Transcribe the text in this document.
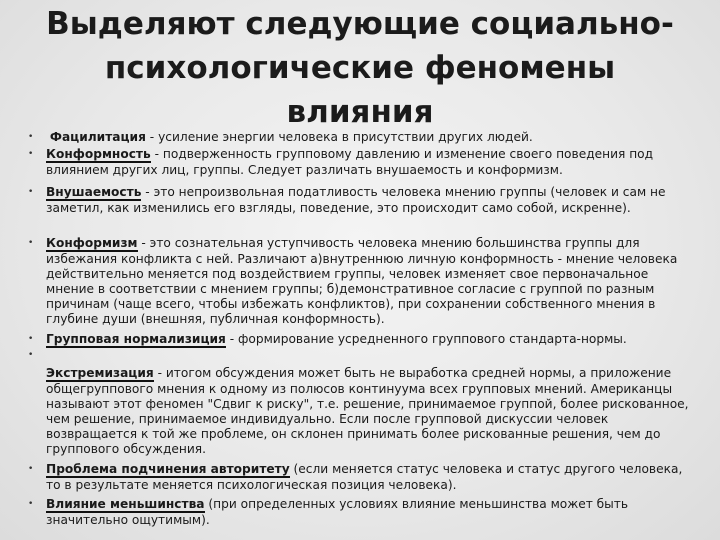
Выделяют следующие социально-
психологические феномены
влияния
•	Фацилитация - усиление энергии человека в присутствии других людей.
• Конформность - подверженность групповому давлению и изменение своего поведения под влиянием других лиц, группы. Следует различать внушаемость и конформизм.
• Внушаемость - это непроизвольная податливость человека мнению группы (человек и сам не заметил, как изменились его взгляды, поведение, это происходит само собой, искренне).
• Конформизм - это сознательная уступчивость человека мнению большинства группы для избежания конфликта с ней. Различают а)внутреннюю личную конформность - мнение человека действительно меняется под воздействием группы, человек изменяет свое первоначальное мнение в соответствии с мнением группы; б)демонстративное согласие с группой по разным причинам (чаще всего, чтобы избежать конфликтов), при сохранении собственного мнения в глубине души (внешняя, публичная конформность).
• Групповая нормализиция - формирование усредненного группового стандарта-нормы.
•
Экстремизация - итогом обсуждения может быть не выработка средней нормы, а приложение общегруппового мнения к одному из полюсов континуума всех групповых мнений. Американцы называют этот феномен "Сдвиг к риску", т.е. решение, принимаемое группой, более рискованное, чем решение, принимаемое индивидуально. Если после групповой дискуссии человек возвращается к той же проблеме, он склонен принимать более рискованные решения, чем до группового обсуждения.
• Проблема подчинения авторитету (если меняется статус человека и статус другого человека, то в результате меняется психологическая позиция человека).
• Влияние меньшинства (при определенных условиях влияние меньшинства может быть значительно ощутимым).
